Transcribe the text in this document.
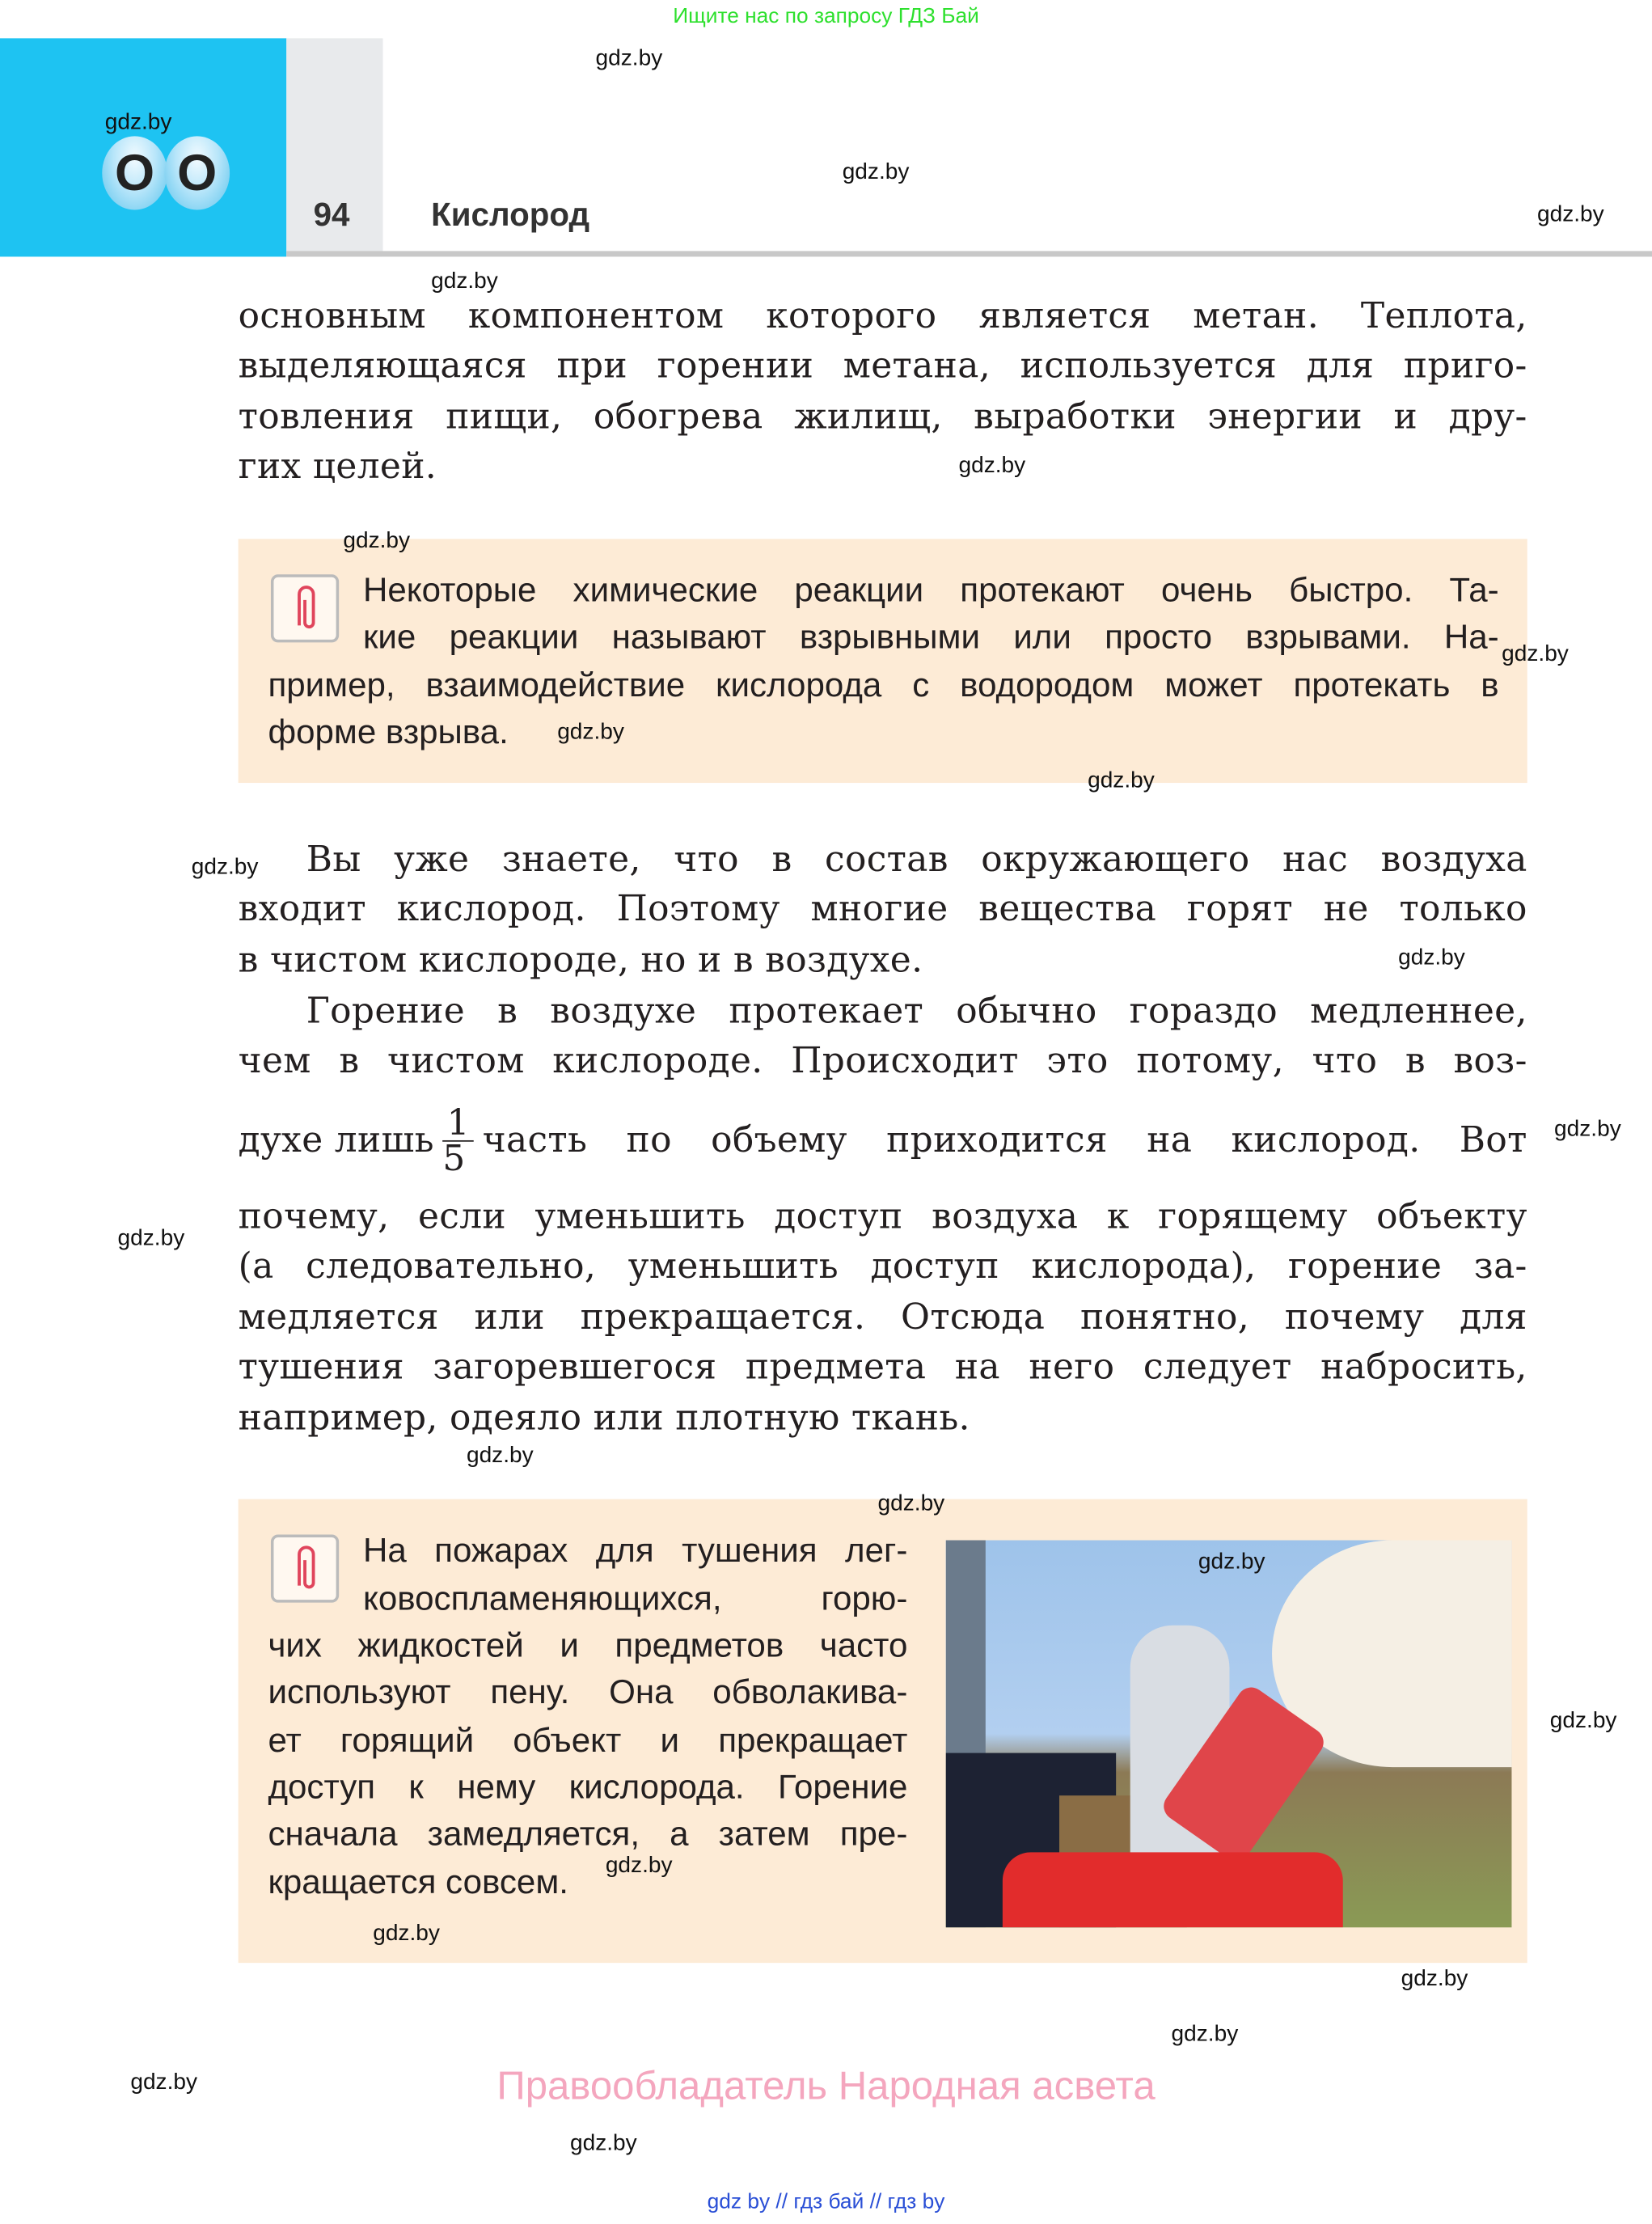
Ищите нас по запросу ГДЗ Бай
O O
94	Кислород
основным компонентом которого является метан. Теплота,
выделяющаяся при горении метана, используется для приго-
товления пищи, обогрева жилищ, выработки энергии и дру-
гих целей.
Некоторые химические реакции протекают очень быстро. Та-
кие реакции называют взрывными или просто взрывами. На-
пример, взаимодействие кислорода с водородом может протекать в
форме взрыва.
Вы уже знаете, что в состав окружающего нас воздуха
входит кислород. Поэтому многие вещества горят не только
в чистом кислороде, но и в воздухе.
Горение в воздухе протекает обычно гораздо медленнее,
чем в чистом кислороде. Происходит это потому, что в воз-
духе лишь $\frac{1}{5}$ часть по объему приходится на кислород. Вот
почему, если уменьшить доступ воздуха к горящему объекту
(а следовательно, уменьшить доступ кислорода), горение за-
медляется или прекращается. Отсюда понятно, почему для
тушения загоревшегося предмета на него следует набросить,
например, одеяло или плотную ткань.
На пожарах для тушения лег-
ковоспламеняющихся, горю-
чих жидкостей и предметов часто
используют пену. Она обволакива-
ет горящий объект и прекращает
доступ к нему кислорода. Горение
сначала замедляется, а затем пре-
кращается совсем.
Правообладатель Народная асвета
gdz by // гдз бай // гдз by
gdz.by
gdz.by
gdz.by
gdz.by
gdz.by
gdz.by
gdz.by
gdz.by
gdz.by
gdz.by
gdz.by
gdz.by
gdz.by
gdz.by
gdz.by
gdz.by
gdz.by
gdz.by
gdz.by
gdz.by
gdz.by
gdz.by
gdz.by
gdz.by
